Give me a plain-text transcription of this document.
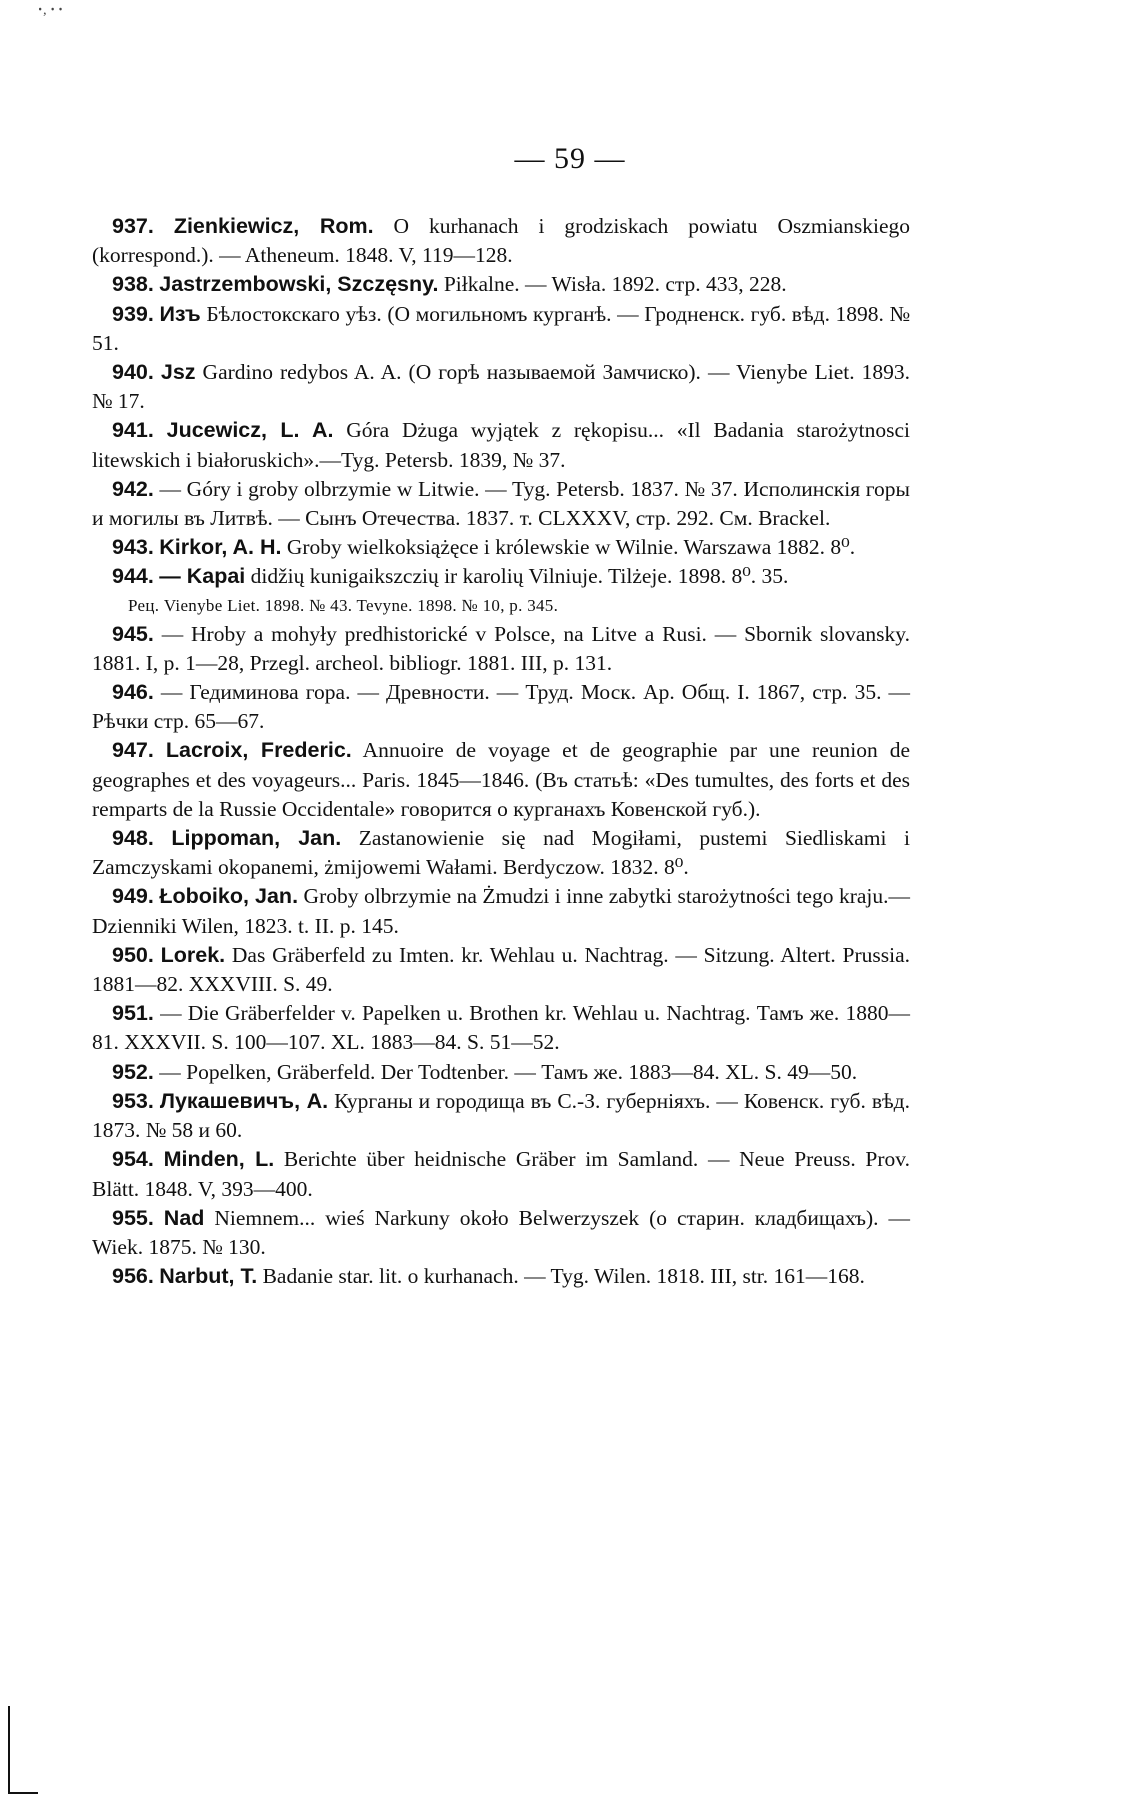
ꞏ‚ ꞏ ꞏ
— 59 —

937. Zienkiewicz, Rom. O kurhanach i grodziskach powiatu Oszmianskiego (korrespond.). — Atheneum. 1848. V, 119—128.

938. Jastrzembowski, Szczęsny. Piłkalne. — Wisła. 1892. стр. 433, 228.

939. Изъ Бѣлостокскаго уѣз. (О могильномъ курганѣ. — Гродненск. губ. вѣд. 1898. № 51.

940. Jsz Gardino redybos A. A. (О горѣ называемой Замчиско). — Vienybe Liet. 1893. № 17.

941. Jucewicz, L. A. Góra Dżuga wyjątek z rękopisu... «Il Badania starożytnosci litewskich i białoruskich».—Tyg. Petersb. 1839, № 37.

942. — Góry i groby olbrzymie w Litwie. — Tyg. Petersb. 1837. № 37. Исполинскія горы и могилы въ Литвѣ. — Сынъ Отечества. 1837. т. CLXXXV, стр. 292. См. Brackel.

943. Kirkor, A. H. Groby wielkoksiążęce i królewskie w Wilnie. Warszawa 1882. 8⁰.

944. — Kapai didžių kunigaikszczių ir karolių Vilniuje. Tilżeje. 1898. 8⁰. 35.

Рец. Vienybe Liet. 1898. № 43. Tevyne. 1898. № 10, p. 345.

945. — Hroby a mohyły predhistorické v Polsce, na Litve a Rusi. — Sbornik slovansky. 1881. I, p. 1—28, Przegl. archeol. bibliogr. 1881. III, p. 131.

946. — Гедиминова гора. — Древности. — Труд. Моск. Ар. Общ. I. 1867, стр. 35. — Рѣчки стр. 65—67.

947. Lacroix, Frederic. Annuoire de voyage et de geographie par une reunion de geographes et des voyageurs... Paris. 1845—1846. (Въ статьѣ: «Des tumultes, des forts et des remparts de la Russie Occidentale» говорится о курганахъ Ковенской губ.).

948. Lippoman, Jan. Zastanowienie się nad Mogiłami, pustemi Siedliskami i Zamczyskami okopanemi, żmijowemi Wałami. Berdyczow. 1832. 8⁰.

949. Łoboiko, Jan. Groby olbrzymie na Żmudzi i inne zabytki starożytności tego kraju.—Dzienniki Wilen, 1823. t. II. p. 145.

950. Lorek. Das Gräberfeld zu Imten. kr. Wehlau u. Nachtrag. — Sitzung. Altert. Prussia. 1881—82. XXXVIII. S. 49.

951. — Die Gräberfelder v. Papelken u. Brothen kr. Wehlau u. Nachtrag. Тамъ же. 1880—81. XXXVII. S. 100—107. XL. 1883—84. S. 51—52.

952. — Popelken, Gräberfeld. Der Todtenber. — Тамъ же. 1883—84. XL. S. 49—50.

953. Лукашевичъ, А. Курганы и городища въ С.-З. губерніяхъ. — Ковенск. губ. вѣд. 1873. № 58 и 60.

954. Minden, L. Berichte über heidnische Gräber im Samland. — Neue Preuss. Prov. Blätt. 1848. V, 393—400.

955. Nad Niemnem... wieś Narkuny około Belwerzyszek (o старин. кладбищахъ). — Wiek. 1875. № 130.

956. Narbut, T. Badanie star. lit. o kurhanach. — Tyg. Wilen. 1818. III, str. 161—168.
